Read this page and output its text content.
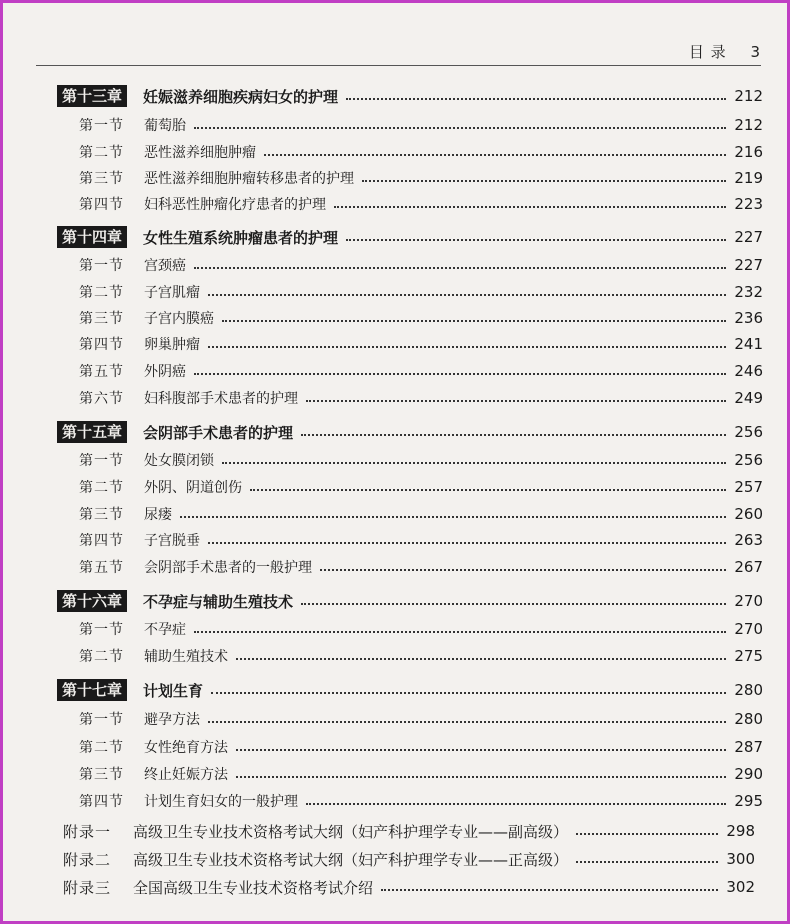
目 录 3
第十三章	妊娠滋养细胞疾病妇女的护理	212
第一节 葡萄胎	212
第二节 恶性滋养细胞肿瘤	216
第三节 恶性滋养细胞肿瘤转移患者的护理	219
第四节 妇科恶性肿瘤化疗患者的护理	223
第十四章	女性生殖系统肿瘤患者的护理	227
第一节 宫颈癌	227
第二节 子宫肌瘤	232
第三节 子宫内膜癌	236
第四节 卵巢肿瘤	241
第五节 外阴癌	246
第六节 妇科腹部手术患者的护理	249
第十五章	会阴部手术患者的护理	256
第一节 处女膜闭锁	256
第二节 外阴、阴道创伤	257
第三节 尿瘘	260
第四节 子宫脱垂	263
第五节 会阴部手术患者的一般护理	267
第十六章	不孕症与辅助生殖技术	270
第一节 不孕症	270
第二节 辅助生殖技术	275
第十七章	计划生育	280
第一节 避孕方法	280
第二节 女性绝育方法	287
第三节 终止妊娠方法	290
第四节 计划生育妇女的一般护理	295
附录一 高级卫生专业技术资格考试大纲（妇产科护理学专业——副高级）	298
附录二 高级卫生专业技术资格考试大纲（妇产科护理学专业——正高级）	300
附录三 全国高级卫生专业技术资格考试介绍	302
